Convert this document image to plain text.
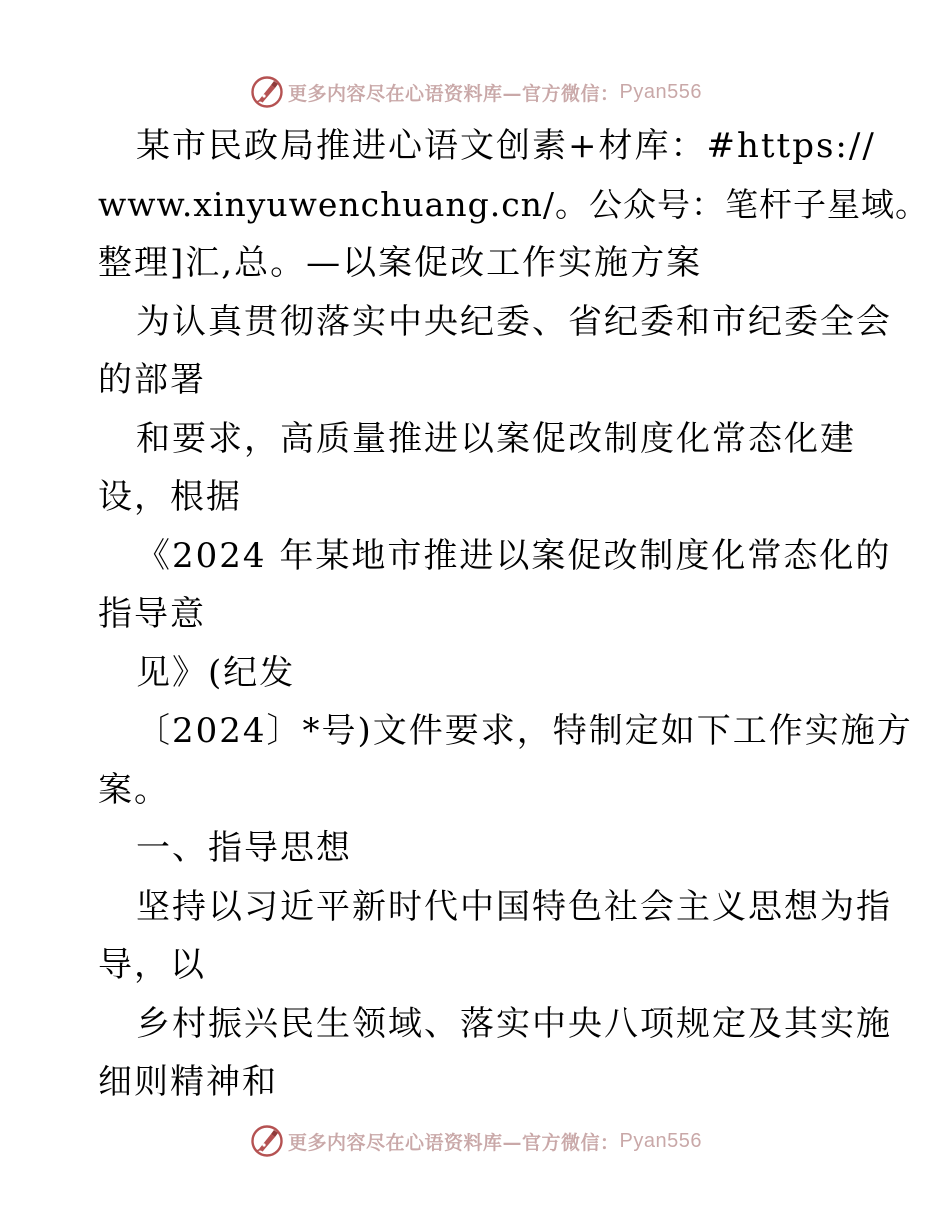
更多内容尽在心语资料库—官方微信： Pyan556
某市民政局推进心语文创素+材库：#https://
www.xinyuwenchuang.cn/。公众号：笔杆子星域。
整理]汇,总。—以案促改工作实施方案
为认真贯彻落实中央纪委、省纪委和市纪委全会
的部署
和要求，高质量推进以案促改制度化常态化建
设，根据
《2024 年某地市推进以案促改制度化常态化的
指导意
见》(纪发
〔2024〕*号)文件要求，特制定如下工作实施方
案。
一、指导思想
坚持以习近平新时代中国特色社会主义思想为指
导，以
乡村振兴民生领域、落实中央八项规定及其实施
细则精神和
更多内容尽在心语资料库—官方微信： Pyan556
